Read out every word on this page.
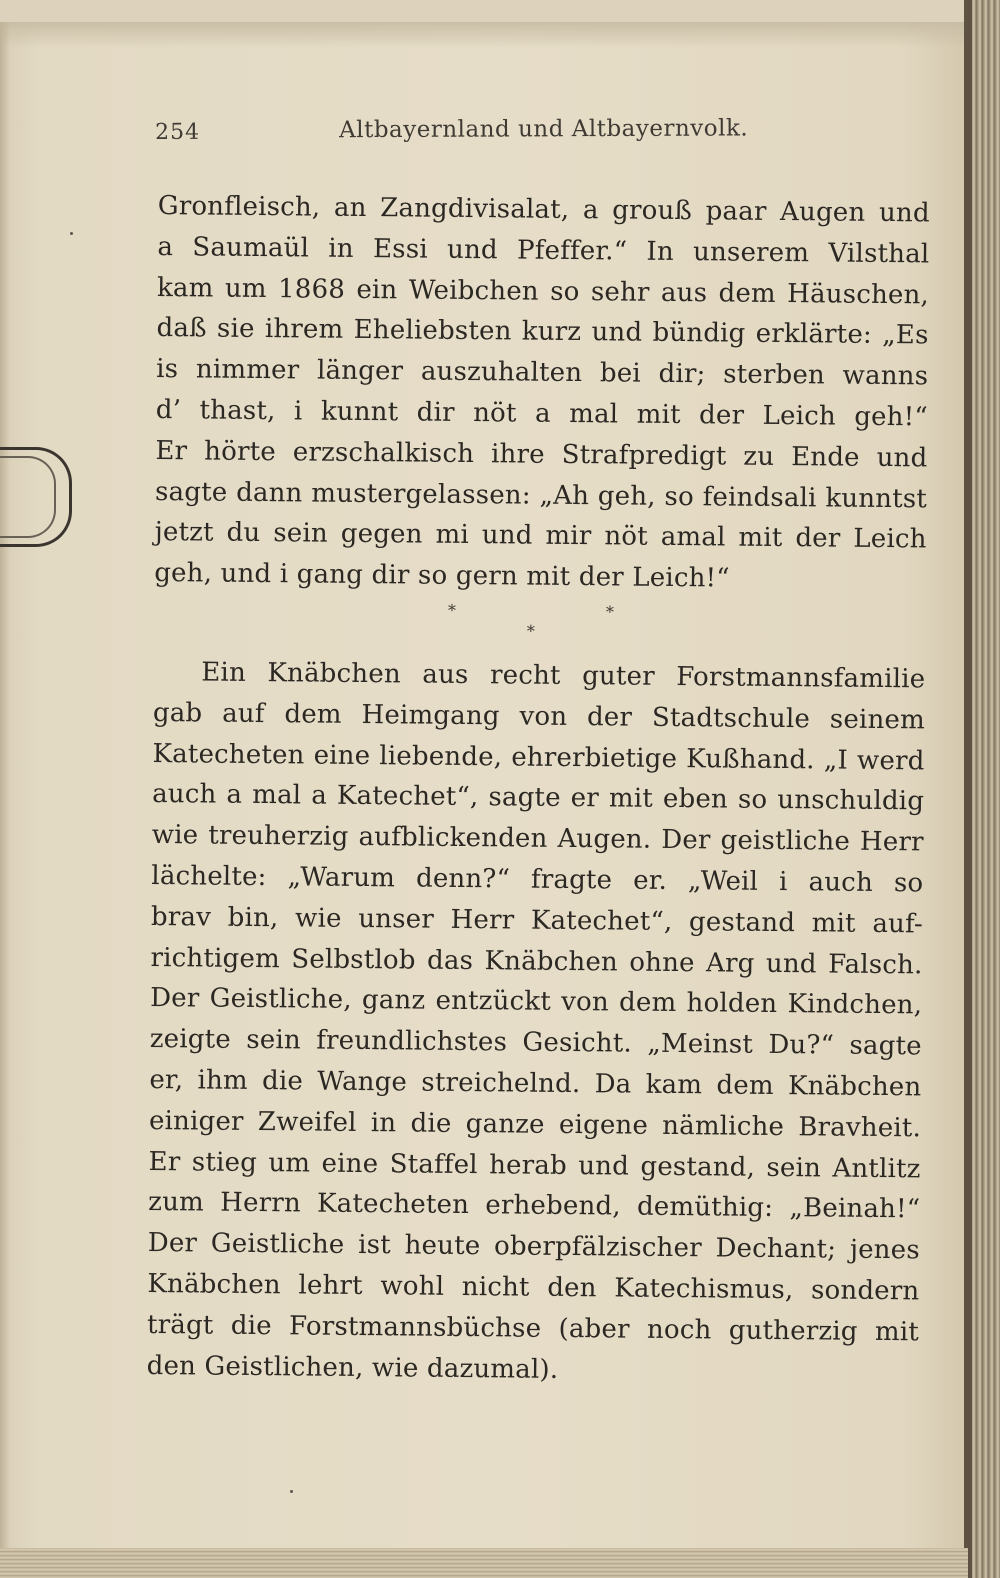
254	Altbayernland und Altbayernvolk.
Gronfleisch, an Zangdivisalat, a grouß paar Augen und
a Saumaül in Essi und Pfeffer.“ In unserem Vilsthal
kam um 1868 ein Weibchen so sehr aus dem Häuschen,
daß sie ihrem Eheliebsten kurz und bündig erklärte: „Es
is nimmer länger auszuhalten bei dir; sterben wanns
d’ thast, i kunnt dir nöt a mal mit der Leich geh!“
Er hörte erzschalkisch ihre Strafpredigt zu Ende und
sagte dann mustergelassen: „Ah geh, so feindsali kunntst
jetzt du sein gegen mi und mir nöt amal mit der Leich
geh, und i gang dir so gern mit der Leich!“
*	*
*
Ein Knäbchen aus recht guter Forstmannsfamilie
gab auf dem Heimgang von der Stadtschule seinem
Katecheten eine liebende, ehrerbietige Kußhand. „I werd
auch a mal a Katechet“, sagte er mit eben so unschuldig
wie treuherzig aufblickenden Augen. Der geistliche Herr
lächelte: „Warum denn?“ fragte er. „Weil i auch so
brav bin, wie unser Herr Katechet“, gestand mit auf-
richtigem Selbstlob das Knäbchen ohne Arg und Falsch.
Der Geistliche, ganz entzückt von dem holden Kindchen,
zeigte sein freundlichstes Gesicht. „Meinst Du?“ sagte
er, ihm die Wange streichelnd. Da kam dem Knäbchen
einiger Zweifel in die ganze eigene nämliche Bravheit.
Er stieg um eine Staffel herab und gestand, sein Antlitz
zum Herrn Katecheten erhebend, demüthig: „Beinah!“
Der Geistliche ist heute oberpfälzischer Dechant; jenes
Knäbchen lehrt wohl nicht den Katechismus, sondern
trägt die Forstmannsbüchse (aber noch gutherzig mit
den Geistlichen, wie dazumal).
